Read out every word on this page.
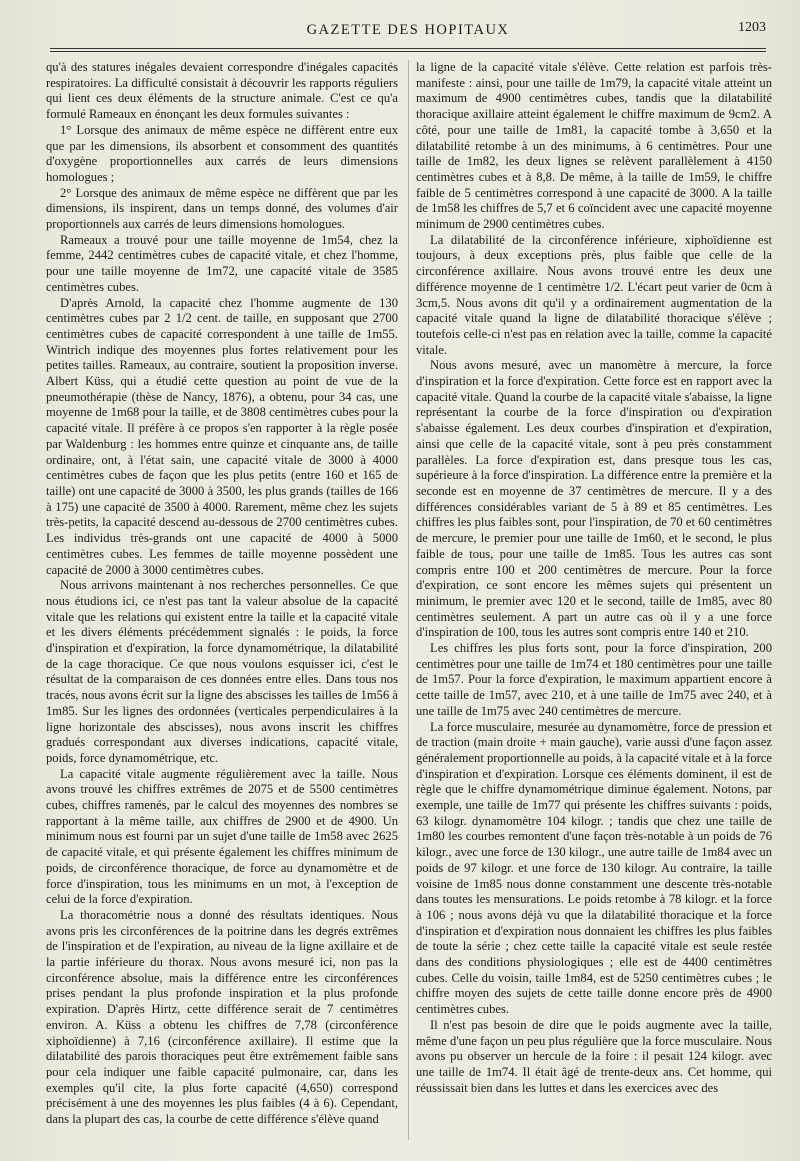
GAZETTE DES HOPITAUX	1203

qu'à des statures inégales devaient correspondre d'inégales capacités respiratoires. La difficulté consistait à découvrir les rapports réguliers qui lient ces deux éléments de la structure animale. C'est ce qu'a formulé Rameaux en énonçant les deux formules suivantes :

1° Lorsque des animaux de même espèce ne diffèrent entre eux que par les dimensions, ils absorbent et consomment des quantités d'oxygène proportionnelles aux carrés de leurs dimensions homologues ;

2° Lorsque des animaux de même espèce ne diffèrent que par les dimensions, ils inspirent, dans un temps donné, des volumes d'air proportionnels aux carrés de leurs dimensions homologues.

Rameaux a trouvé pour une taille moyenne de 1m54, chez la femme, 2442 centimètres cubes de capacité vitale, et chez l'homme, pour une taille moyenne de 1m72, une capacité vitale de 3585 centimètres cubes.

D'après Arnold, la capacité chez l'homme augmente de 130 centimètres cubes par 2 1/2 cent. de taille, en supposant que 2700 centimètres cubes de capacité correspondent à une taille de 1m55. Wintrich indique des moyennes plus fortes relativement pour les petites tailles. Rameaux, au contraire, soutient la proposition inverse. Albert Küss, qui a étudié cette question au point de vue de la pneumothérapie (thèse de Nancy, 1876), a obtenu, pour 34 cas, une moyenne de 1m68 pour la taille, et de 3808 centimètres cubes pour la capacité vitale. Il préfère à ce propos s'en rapporter à la règle posée par Waldenburg : les hommes entre quinze et cinquante ans, de taille ordinaire, ont, à l'état sain, une capacité vitale de 3000 à 4000 centimètres cubes de façon que les plus petits (entre 160 et 165 de taille) ont une capacité de 3000 à 3500, les plus grands (tailles de 166 à 175) une capacité de 3500 à 4000. Rarement, même chez les sujets très-petits, la capacité descend au-dessous de 2700 centimètres cubes. Les individus très-grands ont une capacité de 4000 à 5000 centimètres cubes. Les femmes de taille moyenne possèdent une capacité de 2000 à 3000 centimètres cubes.

Nous arrivons maintenant à nos recherches personnelles. Ce que nous étudions ici, ce n'est pas tant la valeur absolue de la capacité vitale que les relations qui existent entre la taille et la capacité vitale et les divers éléments précédemment signalés : le poids, la force d'inspiration et d'expiration, la force dynamométrique, la dilatabilité de la cage thoracique. Ce que nous voulons esquisser ici, c'est le résultat de la comparaison de ces données entre elles. Dans tous nos tracés, nous avons écrit sur la ligne des abscisses les tailles de 1m56 à 1m85. Sur les lignes des ordonnées (verticales perpendiculaires à la ligne horizontale des abscisses), nous avons inscrit les chiffres gradués correspondant aux diverses indications, capacité vitale, poids, force dynamométrique, etc.

La capacité vitale augmente régulièrement avec la taille. Nous avons trouvé les chiffres extrêmes de 2075 et de 5500 centimètres cubes, chiffres ramenés, par le calcul des moyennes des nombres se rapportant à la même taille, aux chiffres de 2900 et de 4900. Un minimum nous est fourni par un sujet d'une taille de 1m58 avec 2625 de capacité vitale, et qui présente également les chiffres minimum de poids, de circonférence thoracique, de force au dynamomètre et de force d'inspiration, tous les minimums en un mot, à l'exception de celui de la force d'expiration.

La thoracométrie nous a donné des résultats identiques. Nous avons pris les circonférences de la poitrine dans les degrés extrêmes de l'inspiration et de l'expiration, au niveau de la ligne axillaire et de la partie inférieure du thorax. Nous avons mesuré ici, non pas la circonférence absolue, mais la différence entre les circonférences prises pendant la plus profonde inspiration et la plus profonde expiration. D'après Hirtz, cette différence serait de 7 centimètres environ. A. Küss a obtenu les chiffres de 7,78 (circonférence xiphoïdienne) à 7,16 (circonférence axillaire). Il estime que la dilatabilité des parois thoraciques peut être extrêmement faible sans pour cela indiquer une faible capacité pulmonaire, car, dans les exemples qu'il cite, la plus forte capacité (4,650) correspond précisément à une des moyennes les plus faibles (4 à 6). Cependant, dans la plupart des cas, la courbe de cette différence s'élève quand

la ligne de la capacité vitale s'élève. Cette relation est parfois très-manifeste : ainsi, pour une taille de 1m79, la capacité vitale atteint un maximum de 4900 centimètres cubes, tandis que la dilatabilité thoracique axillaire atteint également le chiffre maximum de 9cm2. A côté, pour une taille de 1m81, la capacité tombe à 3,650 et la dilatabilité retombe à un des minimums, à 6 centimètres. Pour une taille de 1m82, les deux lignes se relèvent parallèlement à 4150 centimètres cubes et à 8,8. De même, à la taille de 1m59, le chiffre faible de 5 centimètres correspond à une capacité de 3000. A la taille de 1m58 les chiffres de 5,7 et 6 coïncident avec une capacité moyenne minimum de 2900 centimètres cubes.

La dilatabilité de la circonférence inférieure, xiphoïdienne est toujours, à deux exceptions près, plus faible que celle de la circonférence axillaire. Nous avons trouvé entre les deux une différence moyenne de 1 centimètre 1/2. L'écart peut varier de 0cm à 3cm,5. Nous avons dit qu'il y a ordinairement augmentation de la capacité vitale quand la ligne de dilatabilité thoracique s'élève ; toutefois celle-ci n'est pas en relation avec la taille, comme la capacité vitale.

Nous avons mesuré, avec un manomètre à mercure, la force d'inspiration et la force d'expiration. Cette force est en rapport avec la capacité vitale. Quand la courbe de la capacité vitale s'abaisse, la ligne représentant la courbe de la force d'inspiration ou d'expiration s'abaisse également. Les deux courbes d'inspiration et d'expiration, ainsi que celle de la capacité vitale, sont à peu près constamment parallèles. La force d'expiration est, dans presque tous les cas, supérieure à la force d'inspiration. La différence entre la première et la seconde est en moyenne de 37 centimètres de mercure. Il y a des différences considérables variant de 5 à 89 et 85 centimètres. Les chiffres les plus faibles sont, pour l'inspiration, de 70 et 60 centimètres de mercure, le premier pour une taille de 1m60, et le second, le plus faible de tous, pour une taille de 1m85. Tous les autres cas sont compris entre 100 et 200 centimètres de mercure. Pour la force d'expiration, ce sont encore les mêmes sujets qui présentent un minimum, le premier avec 120 et le second, taille de 1m85, avec 80 centimètres seulement. A part un autre cas où il y a une force d'inspiration de 100, tous les autres sont compris entre 140 et 210.

Les chiffres les plus forts sont, pour la force d'inspiration, 200 centimètres pour une taille de 1m74 et 180 centimètres pour une taille de 1m57. Pour la force d'expiration, le maximum appartient encore à cette taille de 1m57, avec 210, et à une taille de 1m75 avec 240, et à une taille de 1m75 avec 240 centimètres de mercure.

La force musculaire, mesurée au dynamomètre, force de pression et de traction (main droite + main gauche), varie aussi d'une façon assez généralement proportionnelle au poids, à la capacité vitale et à la force d'inspiration et d'expiration. Lorsque ces éléments dominent, il est de règle que le chiffre dynamométrique diminue également. Notons, par exemple, une taille de 1m77 qui présente les chiffres suivants : poids, 63 kilogr. dynamomètre 104 kilogr. ; tandis que chez une taille de 1m80 les courbes remontent d'une façon très-notable à un poids de 76 kilogr., avec une force de 130 kilogr., une autre taille de 1m84 avec un poids de 97 kilogr. et une force de 130 kilogr. Au contraire, la taille voisine de 1m85 nous donne constamment une descente très-notable dans toutes les mensurations. Le poids retombe à 78 kilogr. et la force à 106 ; nous avons déjà vu que la dilatabilité thoracique et la force d'inspiration et d'expiration nous donnaient les chiffres les plus faibles de toute la série ; chez cette taille la capacité vitale est seule restée dans des conditions physiologiques ; elle est de 4400 centimètres cubes. Celle du voisin, taille 1m84, est de 5250 centimètres cubes ; le chiffre moyen des sujets de cette taille donne encore près de 4900 centimètres cubes.

Il n'est pas besoin de dire que le poids augmente avec la taille, même d'une façon un peu plus régulière que la force musculaire. Nous avons pu observer un hercule de la foire : il pesait 124 kilogr. avec une taille de 1m74. Il était âgé de trente-deux ans. Cet homme, qui réussissait bien dans les luttes et dans les exercices avec des
